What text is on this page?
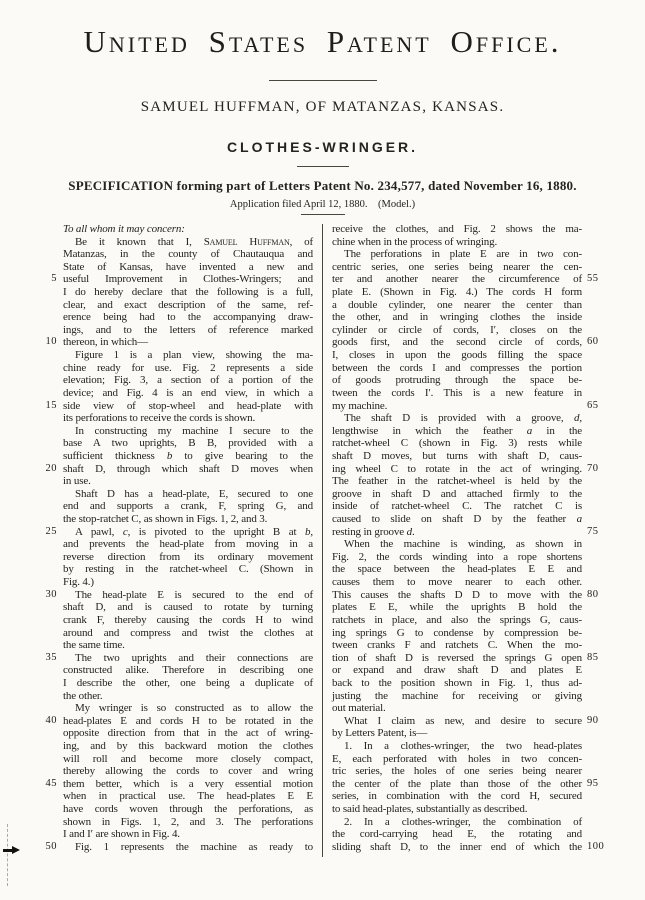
United States Patent Office.
SAMUEL HUFFMAN, OF MATANZAS, KANSAS.
CLOTHES-WRINGER.
SPECIFICATION forming part of Letters Patent No. 234,577, dated November 16, 1880.
Application filed April 12, 1880. (Model.)
To all whom it may concern:
Be it known that I, Samuel Huffman, of
Matanzas, in the county of Chautauqua and
State of Kansas, have invented a new and
useful Improvement in Clothes-Wringers; and
5
I do hereby declare that the following is a full,
clear, and exact description of the same, ref-
erence being had to the accompanying draw-
ings, and to the letters of reference marked
thereon, in which—
10
Figure 1 is a plan view, showing the ma-
chine ready for use. Fig. 2 represents a side
elevation; Fig. 3, a section of a portion of the
device; and Fig. 4 is an end view, in which a
side view of stop-wheel and head-plate with
15
its perforations to receive the cords is shown.
In constructing my machine I secure to the
base A two uprights, B B, provided with a
sufficient thickness b to give bearing to the
shaft D, through which shaft D moves when
20
in use.
Shaft D has a head-plate, E, secured to one
end and supports a crank, F, spring G, and
the stop-ratchet C, as shown in Figs. 1, 2, and 3.
A pawl, c, is pivoted to the upright B at b,
25
and prevents the head-plate from moving in a
reverse direction from its ordinary movement
by resting in the ratchet-wheel C. (Shown in
Fig. 4.)
The head-plate E is secured to the end of
30
shaft D, and is caused to rotate by turning
crank F, thereby causing the cords H to wind
around and compress and twist the clothes at
the same time.
The two uprights and their connections are
35
constructed alike. Therefore in describing one
I describe the other, one being a duplicate of
the other.
My wringer is so constructed as to allow the
head-plates E and cords H to be rotated in the
40
opposite direction from that in the act of wring-
ing, and by this backward motion the clothes
will roll and become more closely compact,
thereby allowing the cords to cover and wring
them better, which is a very essential motion
45
when in practical use. The head-plates E E
have cords woven through the perforations, as
shown in Figs. 1, 2, and 3. The perforations
I and I′ are shown in Fig. 4.
Fig. 1 represents the machine as ready to
50
receive the clothes, and Fig. 2 shows the ma-
chine when in the process of wringing.
The perforations in plate E are in two con-
centric series, one series being nearer the cen-
ter and another nearer the circumference of 55
plate E. (Shown in Fig. 4.) The cords H form
a double cylinder, one nearer the center than
the other, and in wringing clothes the inside
cylinder or circle of cords, I′, closes on the
goods first, and the second circle of cords, 60
I, closes in upon the goods filling the space
between the cords I and compresses the portion
of goods protruding through the space be-
tween the cords I′. This is a new feature in
my machine.	65
The shaft D is provided with a groove, d,
lengthwise in which the feather a in the
ratchet-wheel C (shown in Fig. 3) rests while
shaft D moves, but turns with shaft D, caus-
ing wheel C to rotate in the act of wringing. 70
The feather in the ratchet-wheel is held by the
groove in shaft D and attached firmly to the
inside of ratchet-wheel C. The ratchet C is
caused to slide on shaft D by the feather a
resting in groove d.	75
When the machine is winding, as shown in
Fig. 2, the cords winding into a rope shortens
the space between the head-plates E E and
causes them to move nearer to each other.
This causes the shafts D D to move with the 80
plates E E, while the uprights B hold the
ratchets in place, and also the springs G, caus-
ing springs G to condense by compression be-
tween cranks F and ratchets C. When the mo-
tion of shaft D is reversed the springs G open 85
or expand and draw shaft D and plates E
back to the position shown in Fig. 1, thus ad-
justing the machine for receiving or giving
out material.
What I claim as new, and desire to secure 90
by Letters Patent, is—
1. In a clothes-wringer, the two head-plates
E, each perforated with holes in two concen-
tric series, the holes of one series being nearer
the center of the plate than those of the other 95
series, in combination with the cord H, secured
to said head-plates, substantially as described.
2. In a clothes-wringer, the combination of
the cord-carrying head E, the rotating and
sliding shaft D, to the inner end of which the 100
